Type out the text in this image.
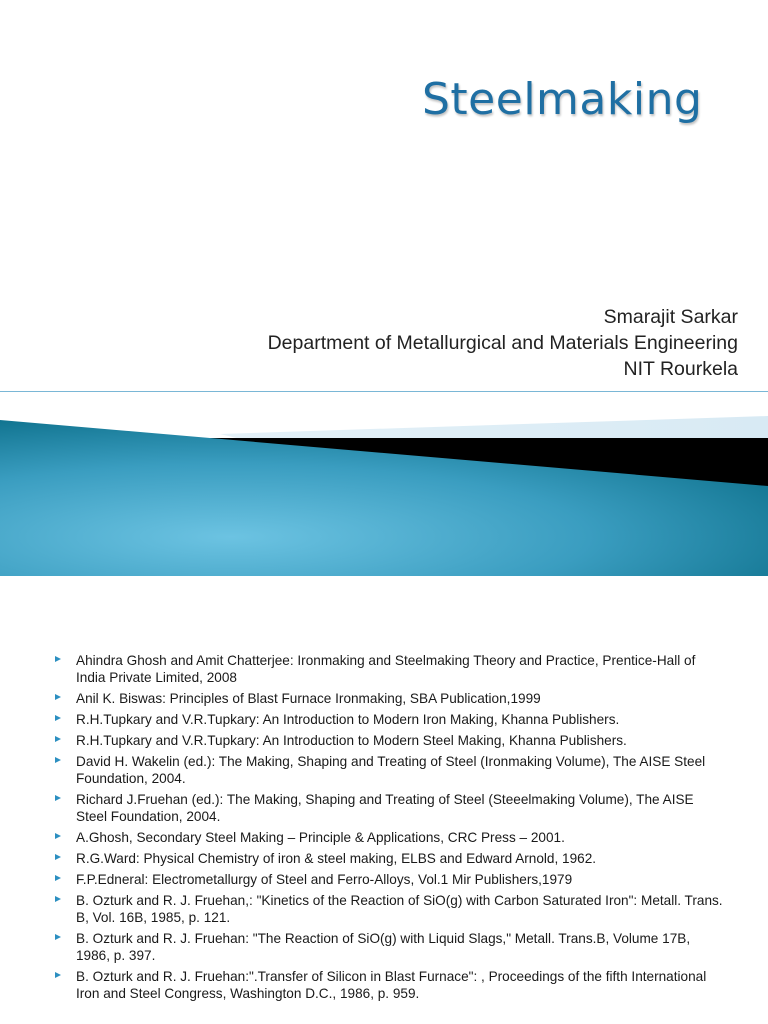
Steelmaking
Smarajit Sarkar
Department of Metallurgical and Materials Engineering
NIT Rourkela
Ahindra Ghosh and Amit Chatterjee: Ironmaking and Steelmaking Theory and Practice, Prentice-Hall of India Private Limited, 2008
Anil K. Biswas: Principles of Blast Furnace Ironmaking, SBA Publication,1999
R.H.Tupkary and V.R.Tupkary: An Introduction to Modern Iron Making, Khanna Publishers.
R.H.Tupkary and V.R.Tupkary: An Introduction to Modern Steel Making, Khanna Publishers.
David H. Wakelin (ed.): The Making, Shaping and Treating of Steel (Ironmaking Volume), The AISE Steel Foundation, 2004.
Richard J.Fruehan (ed.): The Making, Shaping and Treating of Steel (Steeelmaking Volume), The AISE Steel Foundation, 2004.
A.Ghosh, Secondary Steel Making – Principle & Applications, CRC Press – 2001.
R.G.Ward: Physical Chemistry of iron & steel making, ELBS and Edward Arnold, 1962.
F.P.Edneral: Electrometallurgy of Steel and Ferro-Alloys, Vol.1 Mir Publishers,1979
B. Ozturk and R. J. Fruehan,: "Kinetics of the Reaction of SiO(g) with Carbon Saturated Iron": Metall. Trans. B, Vol. 16B, 1985, p. 121.
B. Ozturk and R. J. Fruehan: "The Reaction of SiO(g) with Liquid Slags," Metall. Trans.B, Volume 17B, 1986, p. 397.
B. Ozturk and R. J. Fruehan:".Transfer of Silicon in Blast Furnace": , Proceedings of the fifth International Iron and Steel Congress, Washington D.C., 1986, p. 959.
